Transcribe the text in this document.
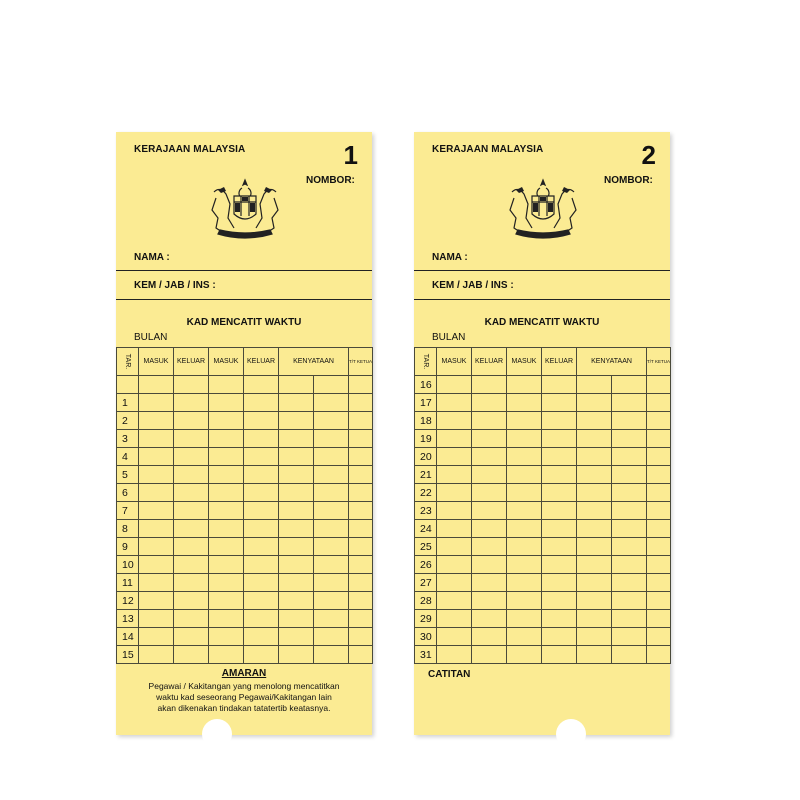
KERAJAAN MALAYSIA	1
NOMBOR:
NAMA :
KEM / JAB / INS :
KAD MENCATIT WAKTU
BULAN
TAR.	MASUK	KELUAR	MASUK	KELUAR	KENYATAAN		T/T KETUA

1							
2							
3							
4							
5							
6							
7							
8							
9							
10							
11							
12							
13							
14							
15							
AMARAN
Pegawai / Kakitangan yang menolong mencatitkan
waktu kad seseorang Pegawai/Kakitangan lain
akan dikenakan tindakan tatatertib keatasnya.
KERAJAAN MALAYSIA	2
NOMBOR:
NAMA :
KEM / JAB / INS :
KAD MENCATIT WAKTU
BULAN
TAR.	MASUK	KELUAR	MASUK	KELUAR	KENYATAAN		T/T KETUA
16							
17							
18							
19							
20							
21							
22							
23							
24							
25							
26							
27							
28							
29							
30							
31							
CATITAN
